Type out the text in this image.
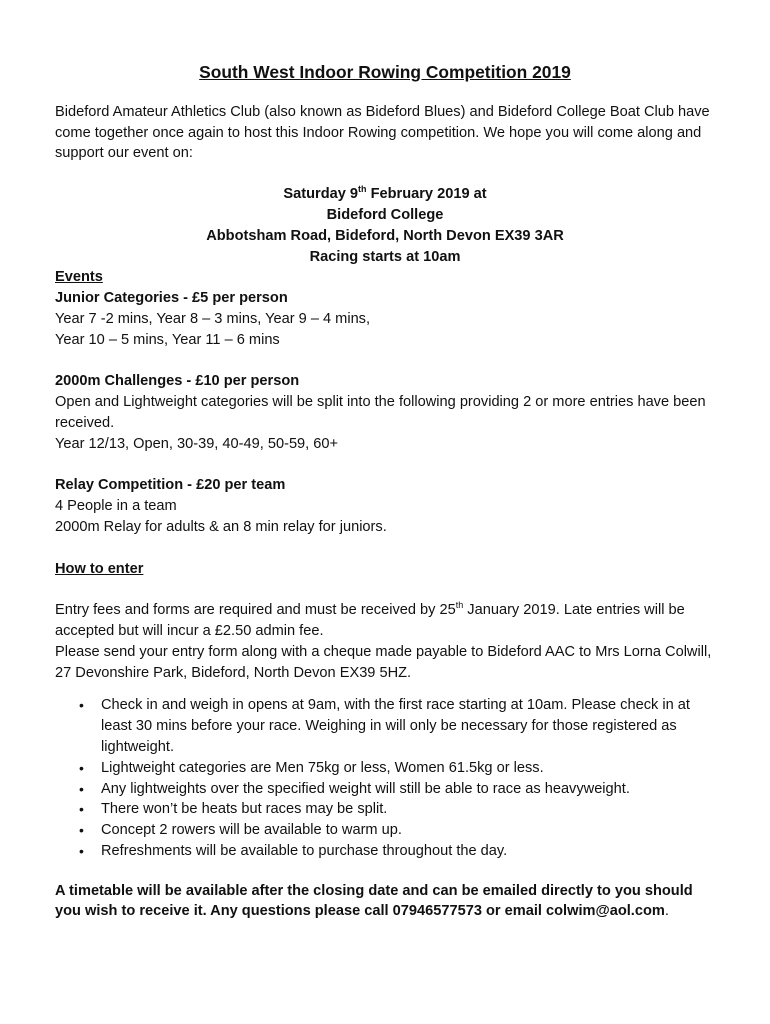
South West Indoor Rowing Competition 2019

Bideford Amateur Athletics Club (also known as Bideford Blues) and Bideford College Boat Club have come together once again to host this Indoor Rowing competition. We hope you will come along and support our event on:

Saturday 9th February 2019 at

Bideford College

Abbotsham Road, Bideford, North Devon EX39 3AR

Racing starts at 10am

Events

Junior Categories - £5 per person

Year 7 -2 mins, Year 8 – 3 mins, Year 9 – 4 mins,

Year 10 – 5 mins, Year 11 – 6 mins

2000m Challenges - £10 per person

Open and Lightweight categories will be split into the following providing 2 or more entries have been received.

Year 12/13, Open, 30-39, 40-49, 50-59, 60+

Relay Competition - £20 per team

4 People in a team

2000m Relay for adults & an 8 min relay for juniors.

How to enter

Entry fees and forms are required and must be received by 25th January 2019. Late entries will be accepted but will incur a £2.50 admin fee.

Please send your entry form along with a cheque made payable to Bideford AAC to Mrs Lorna Colwill, 27 Devonshire Park, Bideford, North Devon EX39 5HZ.

• Check in and weigh in opens at 9am, with the first race starting at 10am. Please check in at least 30 mins before your race. Weighing in will only be necessary for those registered as lightweight.
• Lightweight categories are Men 75kg or less, Women 61.5kg or less.
• Any lightweights over the specified weight will still be able to race as heavyweight.
• There won’t be heats but races may be split.
• Concept 2 rowers will be available to warm up.
• Refreshments will be available to purchase throughout the day.

A timetable will be available after the closing date and can be emailed directly to you should you wish to receive it. Any questions please call 07946577573 or email colwim@aol.com.
